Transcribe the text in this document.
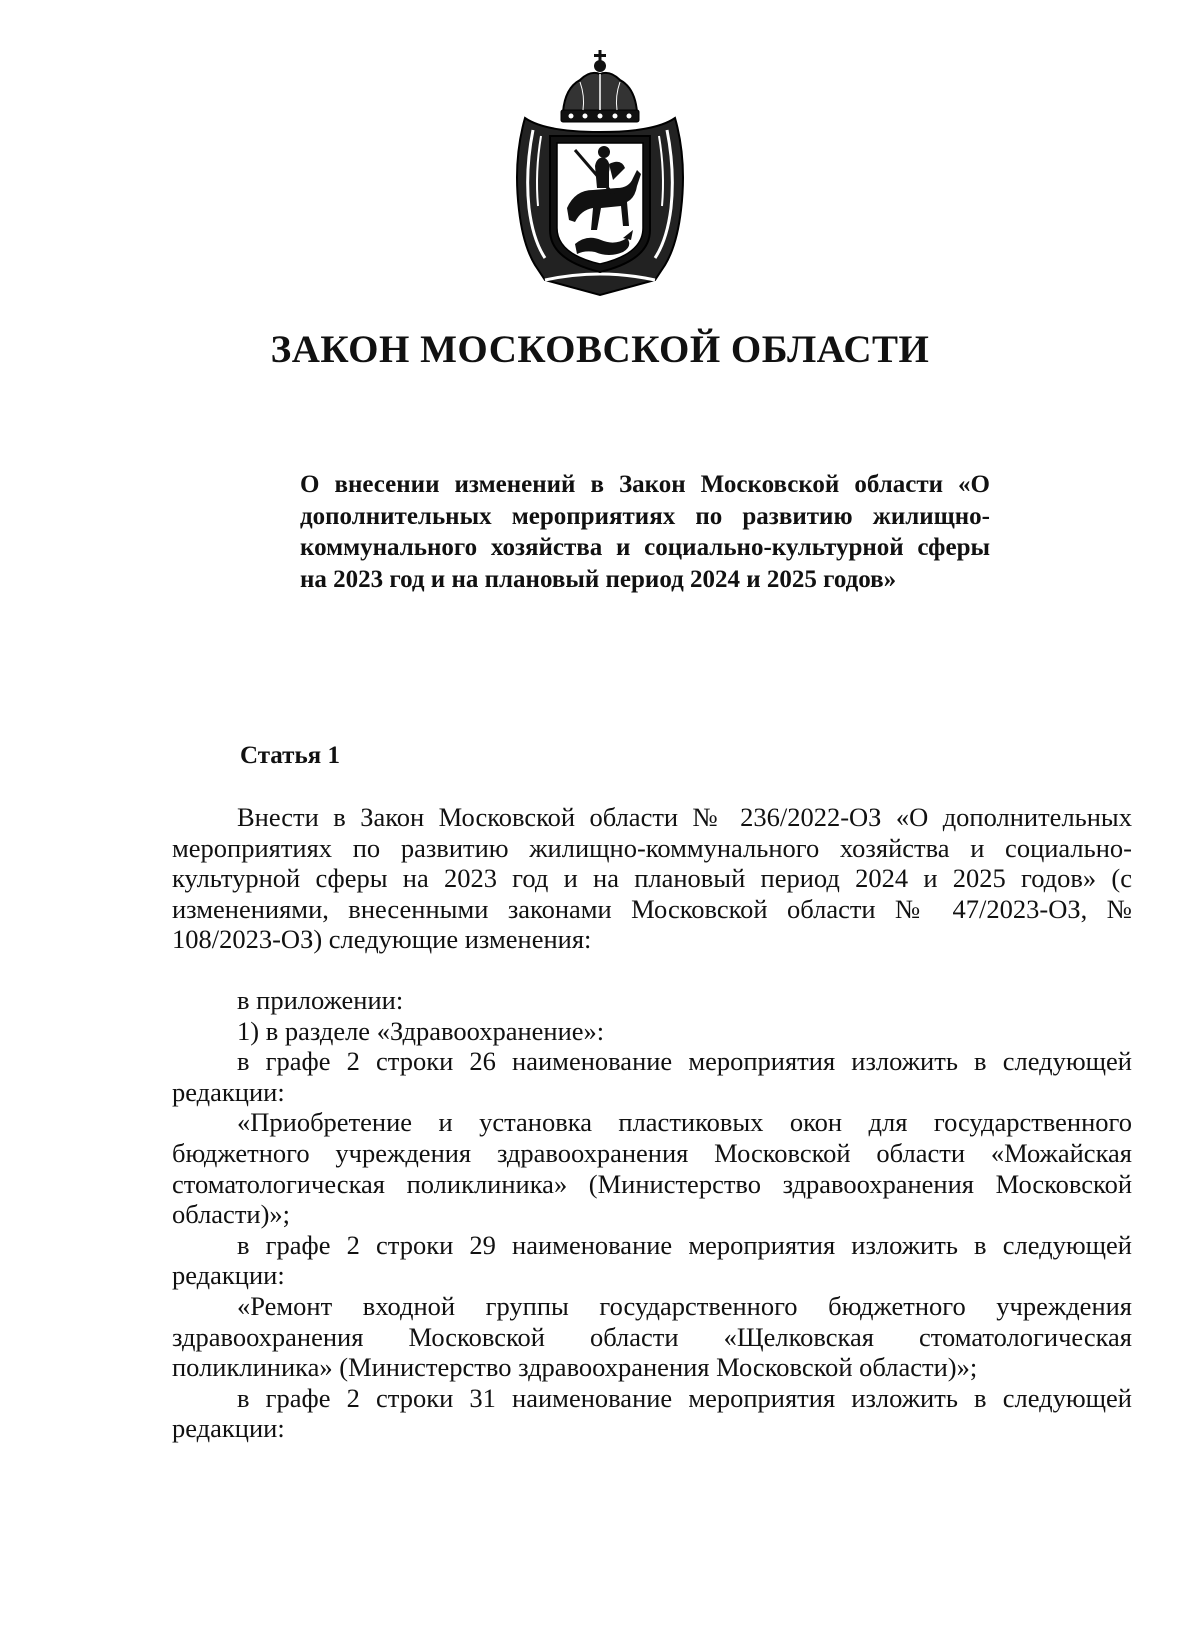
ЗАКОН МОСКОВСКОЙ ОБЛАСТИ

О внесении изменений в Закон Московской области «О дополнительных мероприятиях по развитию жилищно-коммунального хозяйства и социально-культурной сферы на 2023 год и на плановый период 2024 и 2025 годов»

Статья 1

Внести в Закон Московской области № 236/2022-ОЗ «О дополнительных мероприятиях по развитию жилищно-коммунального хозяйства и социально-культурной сферы на 2023 год и на плановый период 2024 и 2025 годов» (с изменениями, внесенными законами Московской области № 47/2023-ОЗ, № 108/2023-ОЗ) следующие изменения:

в приложении:

1) в разделе «Здравоохранение»:

в графе 2 строки 26 наименование мероприятия изложить в следующей редакции:

«Приобретение и установка пластиковых окон для государственного бюджетного учреждения здравоохранения Московской области «Можайская стоматологическая поликлиника» (Министерство здравоохранения Московской области)»;

в графе 2 строки 29 наименование мероприятия изложить в следующей редакции:

«Ремонт входной группы государственного бюджетного учреждения здравоохранения Московской области «Щелковская стоматологическая поликлиника» (Министерство здравоохранения Московской области)»;

в графе 2 строки 31 наименование мероприятия изложить в следующей редакции:
